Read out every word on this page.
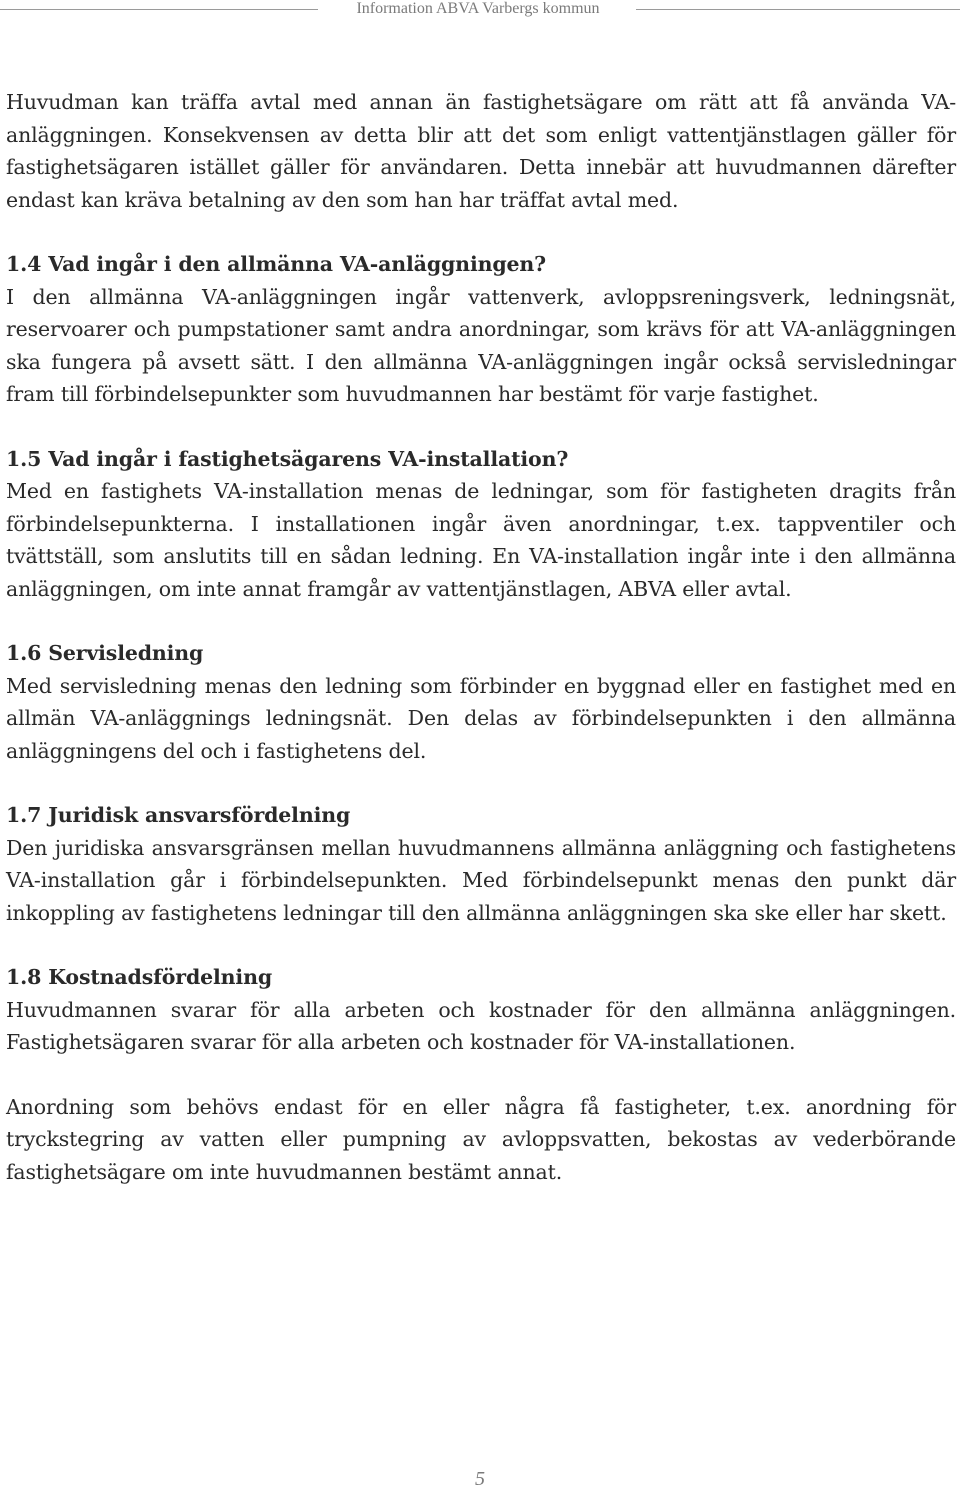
Information ABVA Varbergs kommun

Huvudman kan träffa avtal med annan än fastighetsägare om rätt att få använda VA-anläggningen. Konsekvensen av detta blir att det som enligt vattentjänstlagen gäller för fastighetsägaren istället gäller för användaren. Detta innebär att huvudmannen därefter endast kan kräva betalning av den som han har träffat avtal med.

1.4 Vad ingår i den allmänna VA-anläggningen?

I den allmänna VA-anläggningen ingår vattenverk, avloppsreningsverk, ledningsnät, reservoarer och pumpstationer samt andra anordningar, som krävs för att VA-anläggningen ska fungera på avsett sätt. I den allmänna VA-anläggningen ingår också servisledningar fram till förbindelsepunkter som huvudmannen har bestämt för varje fastighet.

1.5 Vad ingår i fastighetsägarens VA-installation?

Med en fastighets VA-installation menas de ledningar, som för fastigheten dragits från förbindelsepunkterna. I installationen ingår även anordningar, t.ex. tappventiler och tvättställ, som anslutits till en sådan ledning. En VA-installation ingår inte i den allmänna anläggningen, om inte annat framgår av vattentjänstlagen, ABVA eller avtal.

1.6 Servisledning

Med servisledning menas den ledning som förbinder en byggnad eller en fastighet med en allmän VA-anläggnings ledningsnät. Den delas av förbindelsepunkten i den allmänna anläggningens del och i fastighetens del.

1.7 Juridisk ansvarsfördelning

Den juridiska ansvarsgränsen mellan huvudmannens allmänna anläggning och fastighetens VA-installation går i förbindelsepunkten. Med förbindelsepunkt menas den punkt där inkoppling av fastighetens ledningar till den allmänna anläggningen ska ske eller har skett.

1.8 Kostnadsfördelning

Huvudmannen svarar för alla arbeten och kostnader för den allmänna anläggningen. Fastighetsägaren svarar för alla arbeten och kostnader för VA-installationen.

Anordning som behövs endast för en eller några få fastigheter, t.ex. anordning för tryckstegring av vatten eller pumpning av avloppsvatten, bekostas av vederbörande fastighetsägare om inte huvudmannen bestämt annat.

5
